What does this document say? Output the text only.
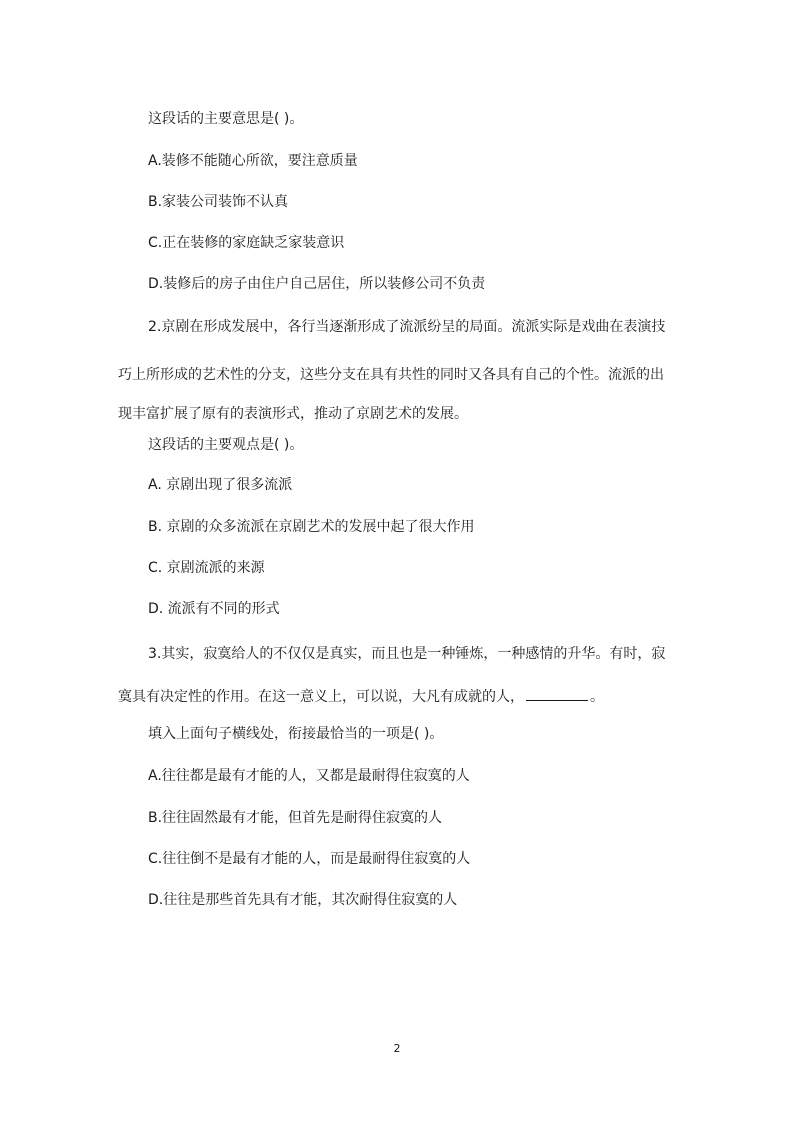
这段话的主要意思是( )。
A.装修不能随心所欲，要注意质量
B.家装公司装饰不认真
C.正在装修的家庭缺乏家装意识
D.装修后的房子由住户自己居住，所以装修公司不负责
2.京剧在形成发展中，各行当逐渐形成了流派纷呈的局面。流派实际是戏曲在表演技
巧上所形成的艺术性的分支，这些分支在具有共性的同时又各具有自己的个性。流派的出
现丰富扩展了原有的表演形式，推动了京剧艺术的发展。
这段话的主要观点是( )。
A. 京剧出现了很多流派
B. 京剧的众多流派在京剧艺术的发展中起了很大作用
C. 京剧流派的来源
D. 流派有不同的形式
3.其实，寂寞给人的不仅仅是真实，而且也是一种锤炼，一种感情的升华。有时，寂
寞具有决定性的作用。在这一意义上，可以说，大凡有成就的人，	。
填入上面句子横线处，衔接最恰当的一项是( )。
A.往往都是最有才能的人，又都是最耐得住寂寞的人
B.往往固然最有才能，但首先是耐得住寂寞的人
C.往往倒不是最有才能的人，而是最耐得住寂寞的人
D.往往是那些首先具有才能，其次耐得住寂寞的人
2
